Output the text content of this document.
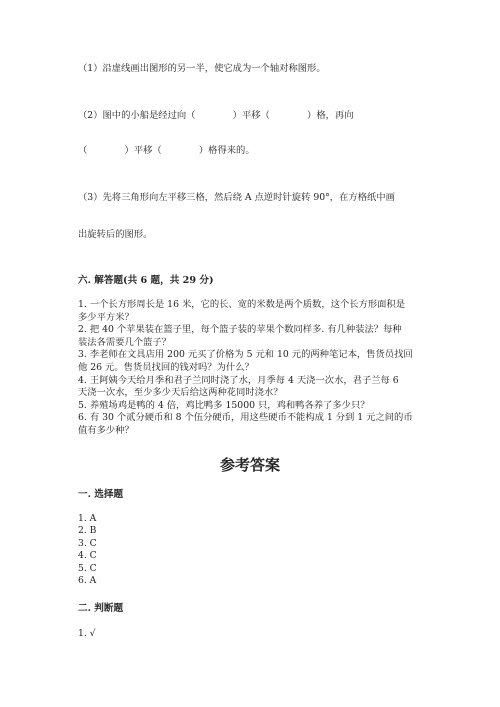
（1）沿虚线画出图形的另一半，使它成为一个轴对称图形。

（2）图中的小船是经过向（　　　　）平移（　　　　）格，再向

（　　　　）平移（　　　　）格得来的。

（3）先将三角形向左平移三格，然后绕 A 点逆时针旋转 90°，在方格纸中画

出旋转后的图形。

六. 解答题(共 6 题，共 29 分)

1. 一个长方形周长是 16 米，它的长、宽的米数是两个质数，这个长方形面积是

多少平方米？

2. 把 40 个苹果装在篮子里，每个篮子装的苹果个数同样多. 有几种装法？每种

装法各需要几个篮子？

3. 李老师在文具店用 200 元买了价格为 5 元和 10 元的两种笔记本，售货员找回

他 26 元。售货员找回的钱对吗？为什么？

4. 王阿姨今天给月季和君子兰同时浇了水，月季每 4 天浇一次水，君子兰每 6

天浇一次水，至少多少天后给这两种花同时浇水？

5. 养殖场鸡是鸭的 4 倍，鸡比鸭多 15000 只，鸡和鸭各养了多少只？

6. 有 30 个贰分硬币和 8 个伍分硬币，用这些硬币不能构成 1 分到 1 元之间的币

值有多少种？

参考答案

一. 选择题

1. A

2. B

3. C

4. C

5. C

6. A

二. 判断题

1. √
